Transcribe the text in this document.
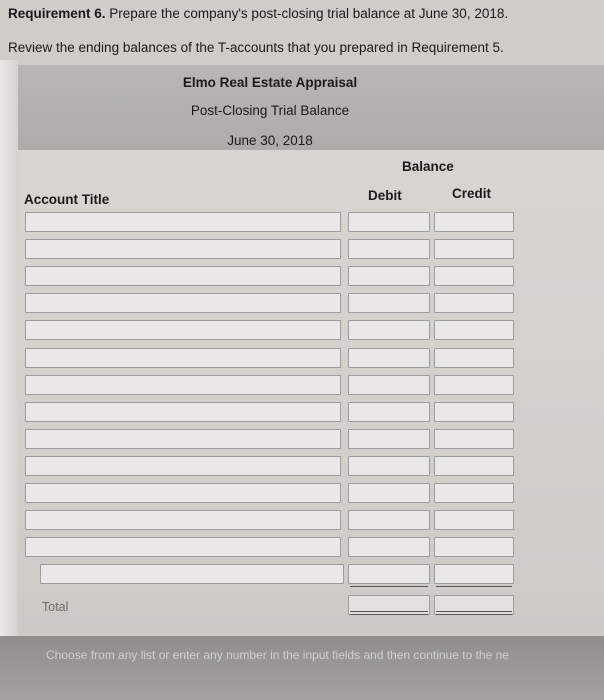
Requirement 6. Prepare the company's post-closing trial balance at June 30, 2018.
Review the ending balances of the T-accounts that you prepared in Requirement 5.
Elmo Real Estate Appraisal
Post-Closing Trial Balance
June 30, 2018
Balance
Account Title	Debit	Credit
Total
Choose from any list or enter any number in the input fields and then continue to the ne
